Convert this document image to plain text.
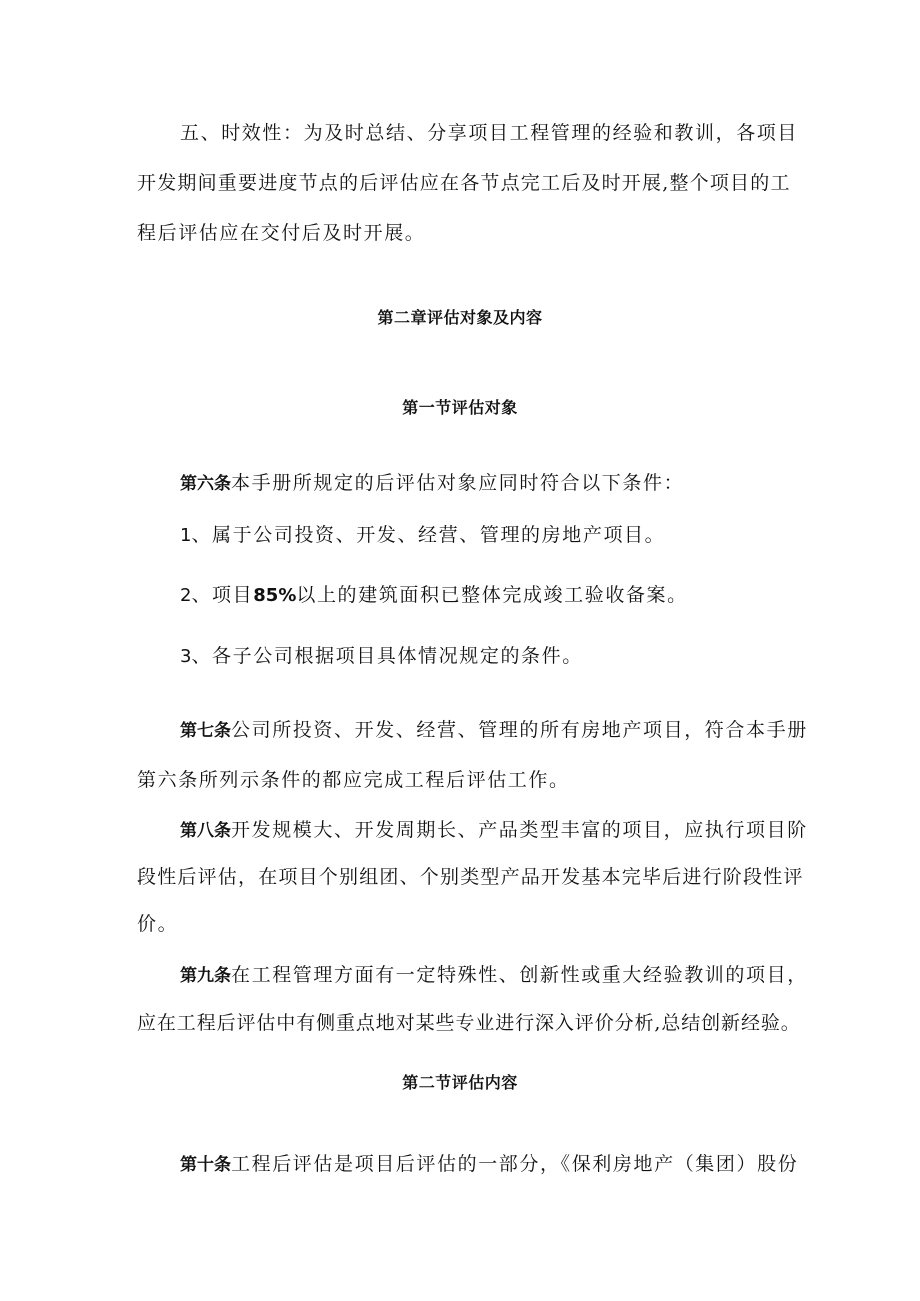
五、时效性：为及时总结、分享项目工程管理的经验和教训，各项目
开发期间重要进度节点的后评估应在各节点完工后及时开展,整个项目的工
程后评估应在交付后及时开展。
第二章评估对象及内容
第一节评估对象
第六条本手册所规定的后评估对象应同时符合以下条件：
1、属于公司投资、开发、经营、管理的房地产项目。
2、项目85%以上的建筑面积已整体完成竣工验收备案。
3、各子公司根据项目具体情况规定的条件。
第七条公司所投资、开发、经营、管理的所有房地产项目，符合本手册
第六条所列示条件的都应完成工程后评估工作。
第八条开发规模大、开发周期长、产品类型丰富的项目，应执行项目阶
段性后评估，在项目个别组团、个别类型产品开发基本完毕后进行阶段性评
价。
第九条在工程管理方面有一定特殊性、创新性或重大经验教训的项目，
应在工程后评估中有侧重点地对某些专业进行深入评价分析,总结创新经验。
第二节评估内容
第十条工程后评估是项目后评估的一部分，《保利房地产（集团）股份
